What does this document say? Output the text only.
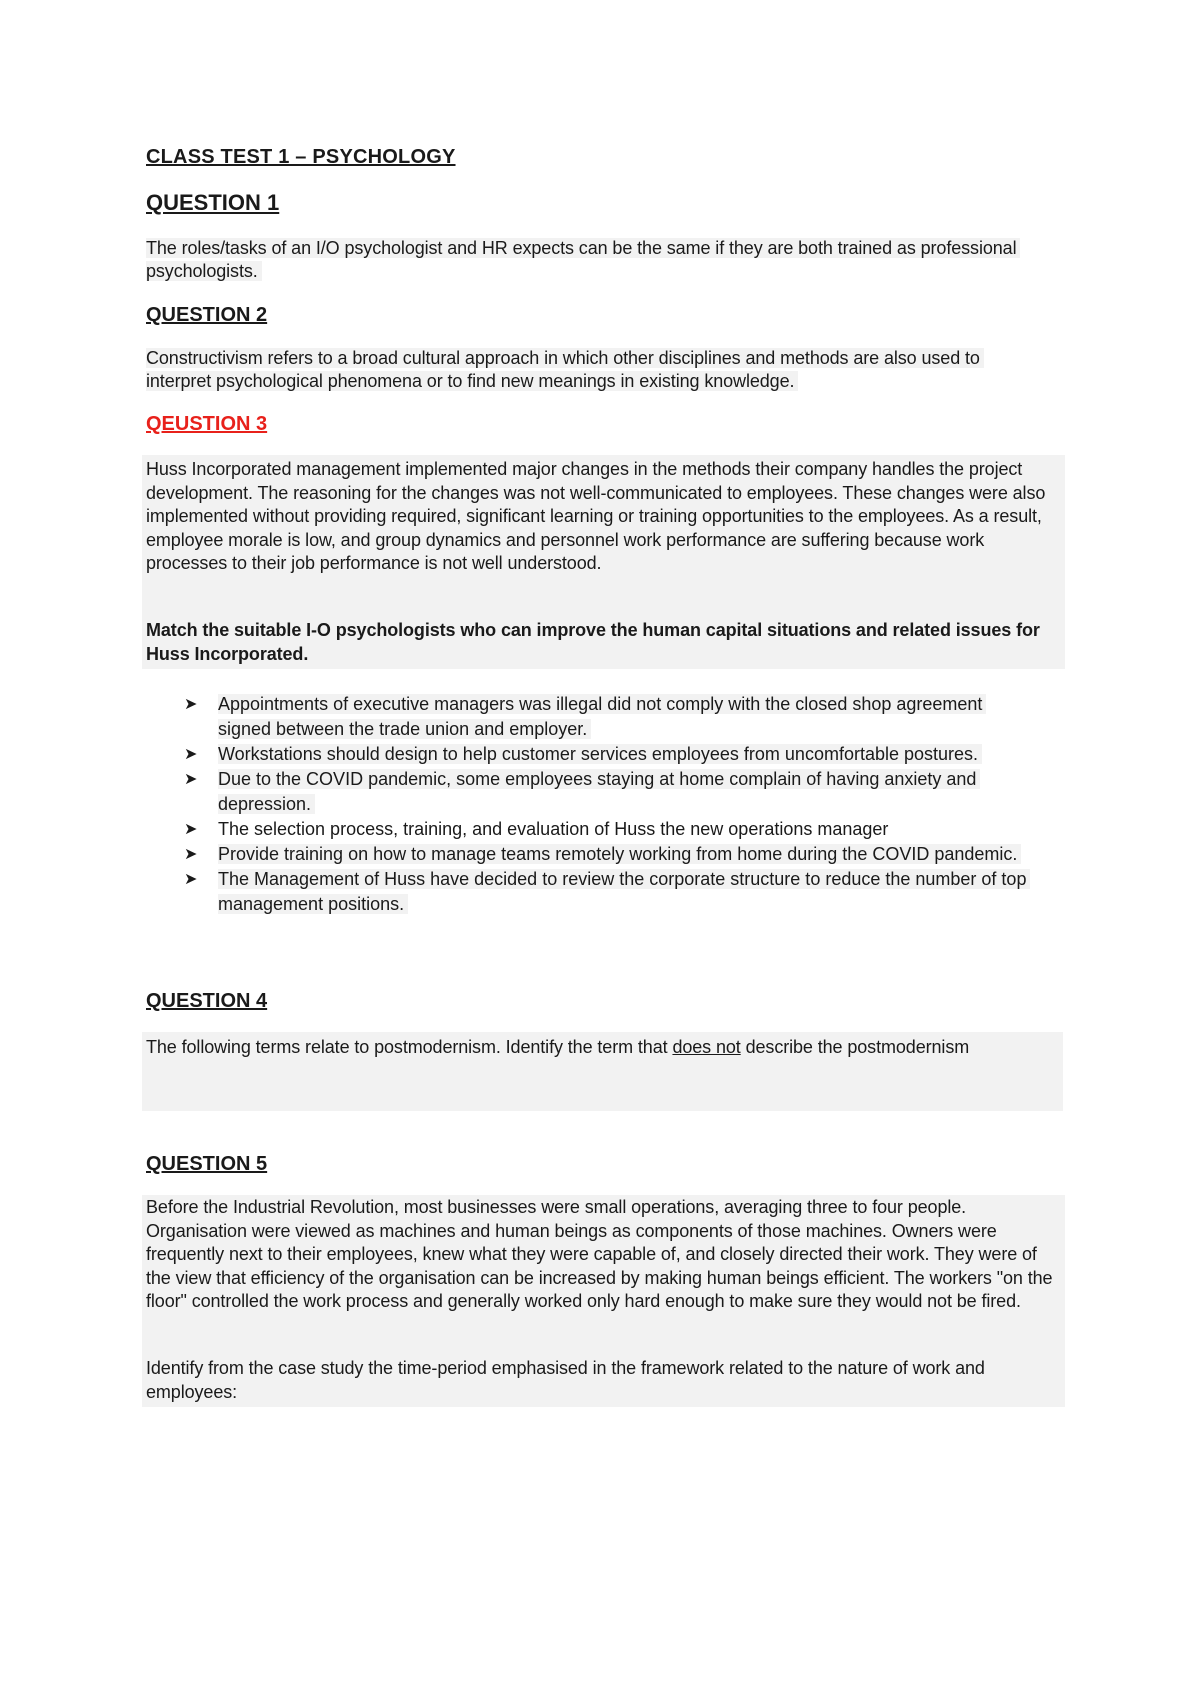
CLASS TEST 1 – PSYCHOLOGY
QUESTION 1
The roles/tasks of an I/O psychologist and HR expects can be the same if they are both trained as professional psychologists.
QUESTION 2
Constructivism refers to a broad cultural approach in which other disciplines and methods are also used to interpret psychological phenomena or to find new meanings in existing knowledge.
QEUSTION 3
Huss Incorporated management implemented major changes in the methods their company handles the project development. The reasoning for the changes was not well-communicated to employees. These changes were also implemented without providing required, significant learning or training opportunities to the employees. As a result, employee morale is low, and group dynamics and personnel work performance are suffering because work processes to their job performance is not well understood.
Match the suitable I-O psychologists who can improve the human capital situations and related issues for Huss Incorporated.
➤ Appointments of executive managers was illegal did not comply with the closed shop agreement signed between the trade union and employer.
➤ Workstations should design to help customer services employees from uncomfortable postures.
➤ Due to the COVID pandemic, some employees staying at home complain of having anxiety and depression.
➤ The selection process, training, and evaluation of Huss the new operations manager
➤ Provide training on how to manage teams remotely working from home during the COVID pandemic.
➤ The Management of Huss have decided to review the corporate structure to reduce the number of top management positions.
QUESTION 4
The following terms relate to postmodernism. Identify the term that does not describe the postmodernism
QUESTION 5
Before the Industrial Revolution, most businesses were small operations, averaging three to four people. Organisation were viewed as machines and human beings as components of those machines. Owners were frequently next to their employees, knew what they were capable of, and closely directed their work. They were of the view that efficiency of the organisation can be increased by making human beings efficient. The workers "on the floor" controlled the work process and generally worked only hard enough to make sure they would not be fired.
Identify from the case study the time-period emphasised in the framework related to the nature of work and employees:
